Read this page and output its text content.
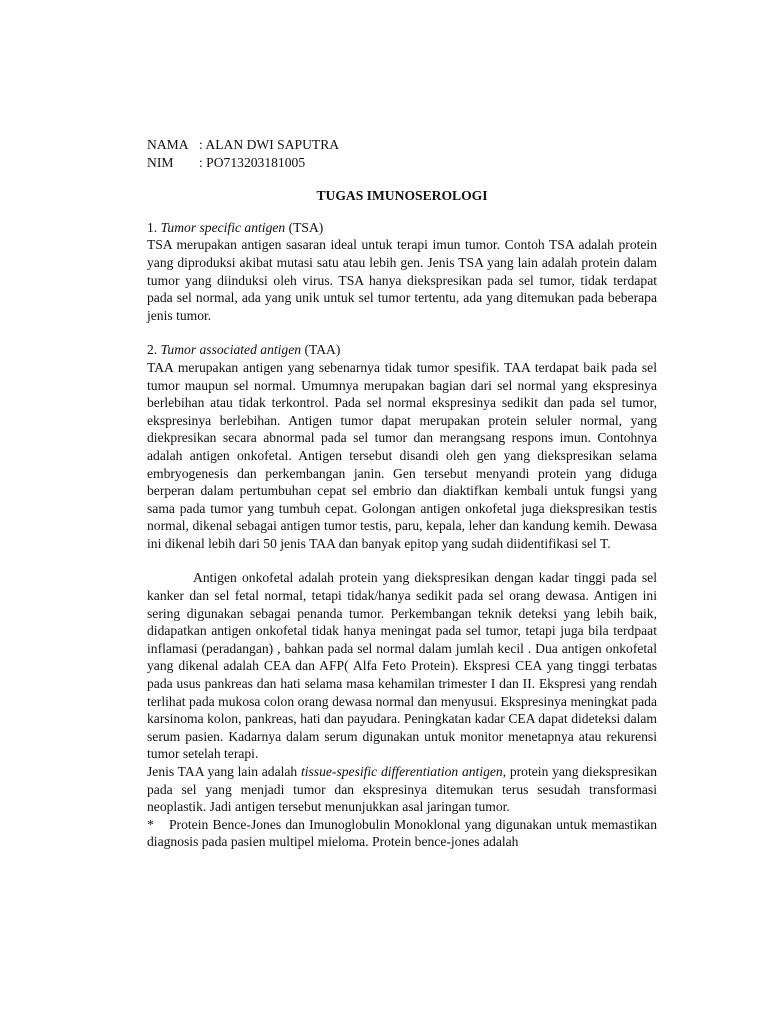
NAMA : ALAN DWI SAPUTRA
NIM	: PO713203181005
TUGAS IMUNOSEROLOGI
1. Tumor specific antigen (TSA)

TSA merupakan antigen sasaran ideal untuk terapi imun tumor. Contoh TSA adalah protein yang diproduksi akibat mutasi satu atau lebih gen. Jenis TSA yang lain adalah protein dalam tumor yang diinduksi oleh virus. TSA hanya diekspresikan pada sel tumor, tidak terdapat pada sel normal, ada yang unik untuk sel tumor tertentu, ada yang ditemukan pada beberapa jenis tumor.

2. Tumor associated antigen (TAA)

TAA merupakan antigen yang sebenarnya tidak tumor spesifik. TAA terdapat baik pada sel tumor maupun sel normal. Umumnya merupakan bagian dari sel normal yang ekspresinya berlebihan atau tidak terkontrol. Pada sel normal ekspresinya sedikit dan pada sel tumor, ekspresinya berlebihan. Antigen tumor dapat merupakan protein seluler normal, yang diekpresikan secara abnormal pada sel tumor dan merangsang respons imun. Contohnya adalah antigen onkofetal. Antigen tersebut disandi oleh gen yang diekspresikan selama embryogenesis dan perkembangan janin. Gen tersebut menyandi protein yang diduga berperan dalam pertumbuhan cepat sel embrio dan diaktifkan kembali untuk fungsi yang sama pada tumor yang tumbuh cepat. Golongan antigen onkofetal juga diekspresikan testis normal, dikenal sebagai antigen tumor testis, paru, kepala, leher dan kandung kemih. Dewasa ini dikenal lebih dari 50 jenis TAA dan banyak epitop yang sudah diidentifikasi sel T.

Antigen onkofetal adalah protein yang diekspresikan dengan kadar tinggi pada sel kanker dan sel fetal normal, tetapi tidak/hanya sedikit pada sel orang dewasa. Antigen ini sering digunakan sebagai penanda tumor. Perkembangan teknik deteksi yang lebih baik, didapatkan antigen onkofetal tidak hanya meningat pada sel tumor, tetapi juga bila terdpaat inflamasi (peradangan) , bahkan pada sel normal dalam jumlah kecil . Dua antigen onkofetal yang dikenal adalah CEA dan AFP( Alfa Feto Protein). Ekspresi CEA yang tinggi terbatas pada usus pankreas dan hati selama masa kehamilan trimester I dan II. Ekspresi yang rendah terlihat pada mukosa colon orang dewasa normal dan menyusui. Ekspresinya meningkat pada karsinoma kolon, pankreas, hati dan payudara. Peningkatan kadar CEA dapat dideteksi dalam serum pasien. Kadarnya dalam serum digunakan untuk monitor menetapnya atau rekurensi tumor setelah terapi.

Jenis TAA yang lain adalah tissue-spesific differentiation antigen, protein yang diekspresikan pada sel yang menjadi tumor dan ekspresinya ditemukan terus sesudah transformasi neoplastik. Jadi antigen tersebut menunjukkan asal jaringan tumor.

* Protein Bence-Jones dan Imunoglobulin Monoklonal yang digunakan untuk memastikan diagnosis pada pasien multipel mieloma. Protein bence-jones adalah
